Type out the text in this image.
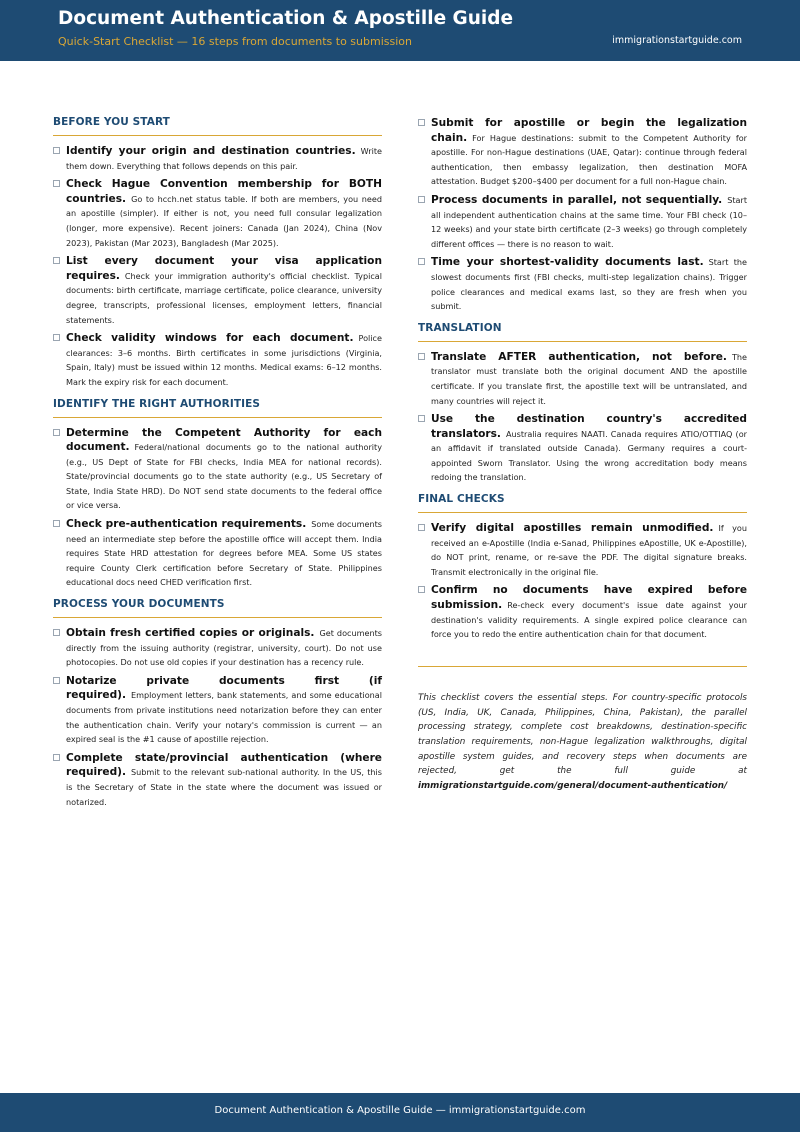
Document Authentication & Apostille Guide
Quick-Start Checklist — 16 steps from documents to submission	immigrationstartguide.com
BEFORE YOU START
Identify your origin and destination countries. Write them down. Everything that follows depends on this pair.
Check Hague Convention membership for BOTH countries. Go to hcch.net status table. If both are members, you need an apostille (simpler). If either is not, you need full consular legalization (longer, more expensive). Recent joiners: Canada (Jan 2024), China (Nov 2023), Pakistan (Mar 2023), Bangladesh (Mar 2025).
List every document your visa application requires. Check your immigration authority's official checklist. Typical documents: birth certificate, marriage certificate, police clearance, university degree, transcripts, professional licenses, employment letters, financial statements.
Check validity windows for each document. Police clearances: 3–6 months. Birth certificates in some jurisdictions (Virginia, Spain, Italy) must be issued within 12 months. Medical exams: 6–12 months. Mark the expiry risk for each document.
IDENTIFY THE RIGHT AUTHORITIES
Determine the Competent Authority for each document. Federal/national documents go to the national authority (e.g., US Dept of State for FBI checks, India MEA for national records). State/provincial documents go to the state authority (e.g., US Secretary of State, India State HRD). Do NOT send state documents to the federal office or vice versa.
Check pre-authentication requirements. Some documents need an intermediate step before the apostille office will accept them. India requires State HRD attestation for degrees before MEA. Some US states require County Clerk certification before Secretary of State. Philippines educational docs need CHED verification first.
PROCESS YOUR DOCUMENTS
Obtain fresh certified copies or originals. Get documents directly from the issuing authority (registrar, university, court). Do not use photocopies. Do not use old copies if your destination has a recency rule.
Notarize private documents first (if required). Employment letters, bank statements, and some educational documents from private institutions need notarization before they can enter the authentication chain. Verify your notary's commission is current — an expired seal is the #1 cause of apostille rejection.
Complete state/provincial authentication (where required). Submit to the relevant sub-national authority. In the US, this is the Secretary of State in the state where the document was issued or notarized.
Submit for apostille or begin the legalization chain. For Hague destinations: submit to the Competent Authority for apostille. For non-Hague destinations (UAE, Qatar): continue through federal authentication, then embassy legalization, then destination MOFA attestation. Budget $200–$400 per document for a full non-Hague chain.
Process documents in parallel, not sequentially. Start all independent authentication chains at the same time. Your FBI check (10–12 weeks) and your state birth certificate (2–3 weeks) go through completely different offices — there is no reason to wait.
Time your shortest-validity documents last. Start the slowest documents first (FBI checks, multi-step legalization chains). Trigger police clearances and medical exams last, so they are fresh when you submit.
TRANSLATION
Translate AFTER authentication, not before. The translator must translate both the original document AND the apostille certificate. If you translate first, the apostille text will be untranslated, and many countries will reject it.
Use the destination country's accredited translators. Australia requires NAATI. Canada requires ATIO/OTTIAQ (or an affidavit if translated outside Canada). Germany requires a court-appointed Sworn Translator. Using the wrong accreditation body means redoing the translation.
FINAL CHECKS
Verify digital apostilles remain unmodified. If you received an e-Apostille (India e-Sanad, Philippines eApostille, UK e-Apostille), do NOT print, rename, or re-save the PDF. The digital signature breaks. Transmit electronically in the original file.
Confirm no documents have expired before submission. Re-check every document's issue date against your destination's validity requirements. A single expired police clearance can force you to redo the entire authentication chain for that document.
This checklist covers the essential steps. For country-specific protocols (US, India, UK, Canada, Philippines, China, Pakistan), the parallel processing strategy, complete cost breakdowns, destination-specific translation requirements, non-Hague legalization walkthroughs, digital apostille system guides, and recovery steps when documents are rejected, get the full guide at immigrationstartguide.com/general/document-authentication/
Document Authentication & Apostille Guide — immigrationstartguide.com
